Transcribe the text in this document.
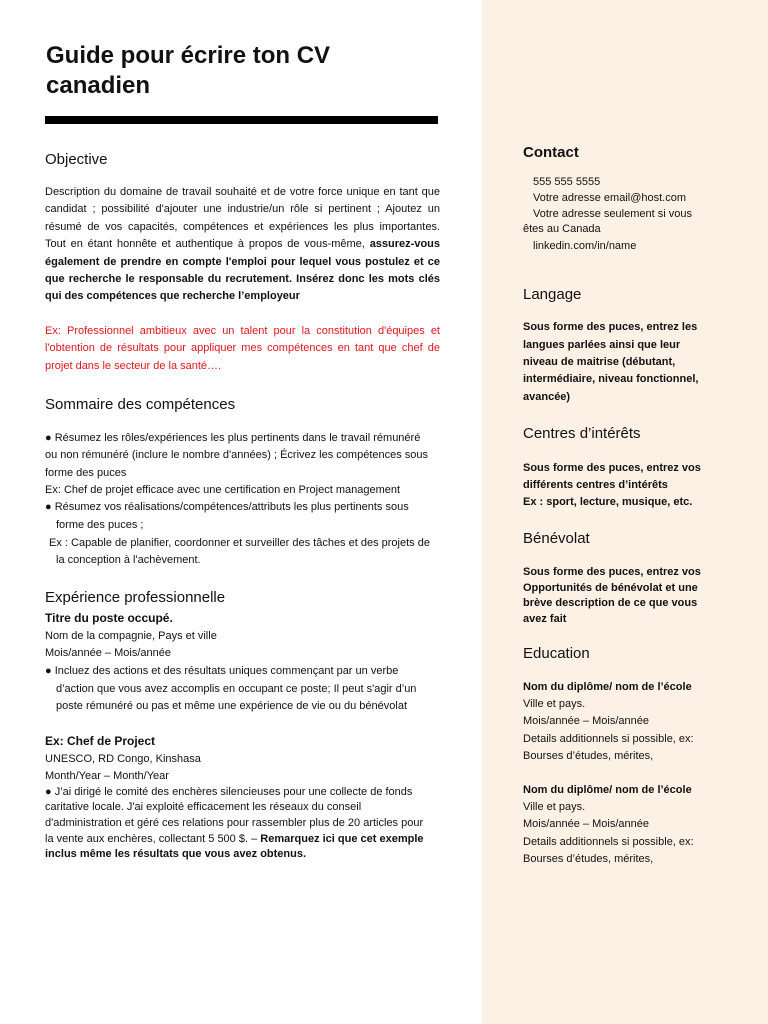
Guide pour écrire ton CV canadien
Objective
Description du domaine de travail souhaité et de votre force unique en tant que candidat ; possibilité d'ajouter une industrie/un rôle si pertinent ; Ajoutez un résumé de vos capacités, compétences et expériences les plus importantes. Tout en étant honnête et authentique à propos de vous-même, assurez-vous également de prendre en compte l'emploi pour lequel vous postulez et ce que recherche le responsable du recrutement. Insérez donc les mots clés qui des compétences que recherche l’employeur
Ex: Professionnel ambitieux avec un talent pour la constitution d'équipes et l'obtention de résultats pour appliquer mes compétences en tant que chef de projet dans le secteur de la santé….
Sommaire des compétences
● Résumez les rôles/expériences les plus pertinents dans le travail rémunéré
ou non rémunéré (inclure le nombre d'années) ; Écrivez les compétences sous
forme des puces
Ex: Chef de projet efficace avec une certification en Project management
● Résumez vos réalisations/compétences/attributs les plus pertinents sous
forme des puces ;
Ex : Capable de planifier, coordonner et surveiller des tâches et des projets de
la conception à l'achèvement.
Expérience professionnelle
Titre du poste occupé.
Nom de la compagnie, Pays et ville
Mois/année – Mois/année
● Incluez des actions et des résultats uniques commençant par un verbe
d’action que vous avez accomplis en occupant ce poste; Il peut s'agir d’un
poste rémunéré ou pas et même une expérience de vie ou du bénévolat
Ex: Chef de Project
UNESCO, RD Congo, Kinshasa
Month/Year – Month/Year
● J’ai dirigé le comité des enchères silencieuses pour une collecte de fonds
caritative locale. J'ai exploité efficacement les réseaux du conseil
d'administration et géré ces relations pour rassembler plus de 20 articles pour
la vente aux enchères, collectant 5 500 $. – Remarquez ici que cet exemple
inclus même les résultats que vous avez obtenus.
Contact
555 555 5555
Votre adresse email@host.com
Votre adresse seulement si vous
êtes au Canada
linkedin.com/in/name
Langage
Sous forme des puces, entrez les
langues parlées ainsi que leur
niveau de maitrise (débutant,
intermédiaire, niveau fonctionnel,
avancée)
Centres d’intérêts
Sous forme des puces, entrez vos
différents centres d’intérêts
Ex : sport, lecture, musique, etc.
Bénévolat
Sous forme des puces, entrez vos
Opportunités de bénévolat et une
brève description de ce que vous
avez fait
Education
Nom du diplôme/ nom de l’école
Ville et pays.
Mois/année – Mois/année
Details additionnels si possible, ex:
Bourses d’études, mérites,
Nom du diplôme/ nom de l’école
Ville et pays.
Mois/année – Mois/année
Details additionnels si possible, ex:
Bourses d’études, mérites,
